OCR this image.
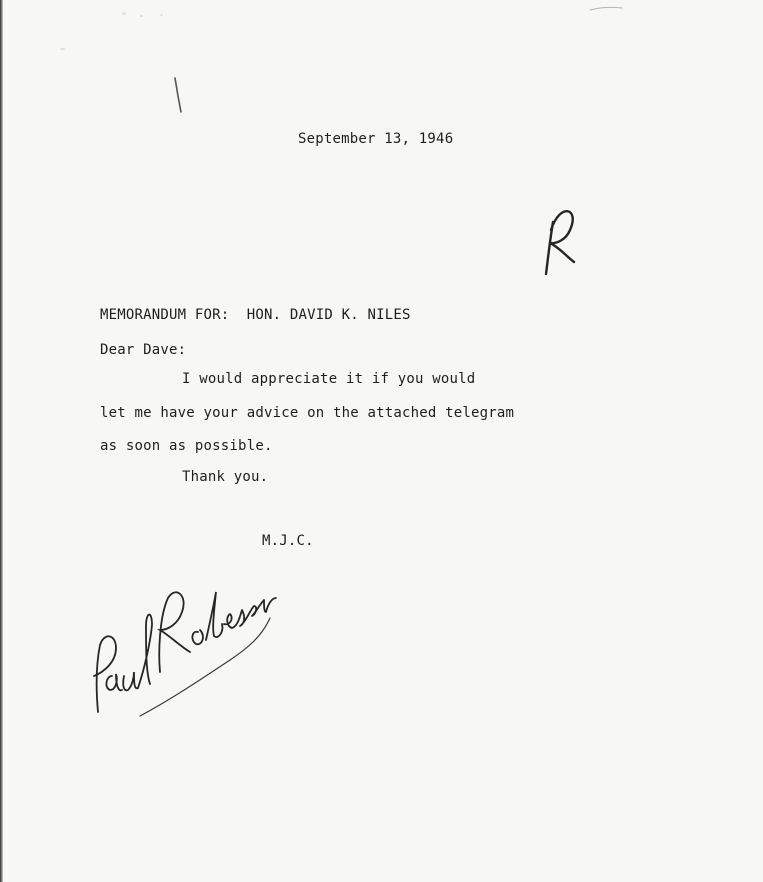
September 13, 1946
MEMORANDUM FOR: HON. DAVID K. NILES
Dear Dave:
I would appreciate it if you would
let me have your advice on the attached telegram
as soon as possible.
Thank you.
M.J.C.
